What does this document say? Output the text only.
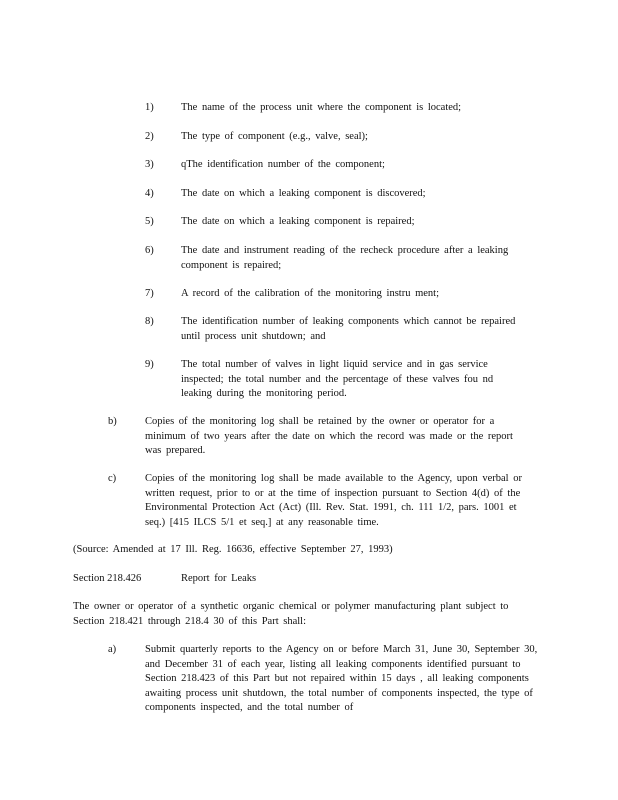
1)	The name of the process unit where the component is located;
2)	The type of component (e.g., valve, seal);
3)	qThe identification number of the component;
4)	The date on which a leaking component is discovered;
5)	The date on which a leaking component is repaired;
6)	The date and instrument reading of the recheck procedure after a leaking component is repaired;
7)	A record of the calibration of the monitoring instru ment;
8)	The identification number of leaking components which cannot be repaired until process unit shutdown; and
9)	The total number of valves in light liquid service and in gas service inspected; the total number and the percentage of these valves fou nd leaking during the monitoring period.
b)	Copies of the monitoring log shall be retained by the owner or operator for a minimum of two years after the date on which the record was made or the report was prepared.
c)	Copies of the monitoring log shall be made available to the Agency, upon verbal or written request, prior to or at the time of inspection pursuant to Section 4(d) of the Environmental Protection Act (Act) (Ill. Rev. Stat. 1991, ch. 111 1/2, pars. 1001 et seq.) [415 ILCS 5/1 et seq.] at any reasonable time.
(Source: Amended at 17 Ill. Reg. 16636, effective September 27, 1993)
Section 218.426	Report for Leaks
The owner or operator of a synthetic organic chemical or polymer manufacturing plant subject to Section 218.421 through 218.4 30 of this Part shall:
a)	Submit quarterly reports to the Agency on or before March 31, June 30, September 30, and December 31 of each year, listing all leaking components identified pursuant to Section 218.423 of this Part but not repaired within 15 days , all leaking components awaiting process unit shutdown, the total number of components inspected, the type of components inspected, and the total number of
